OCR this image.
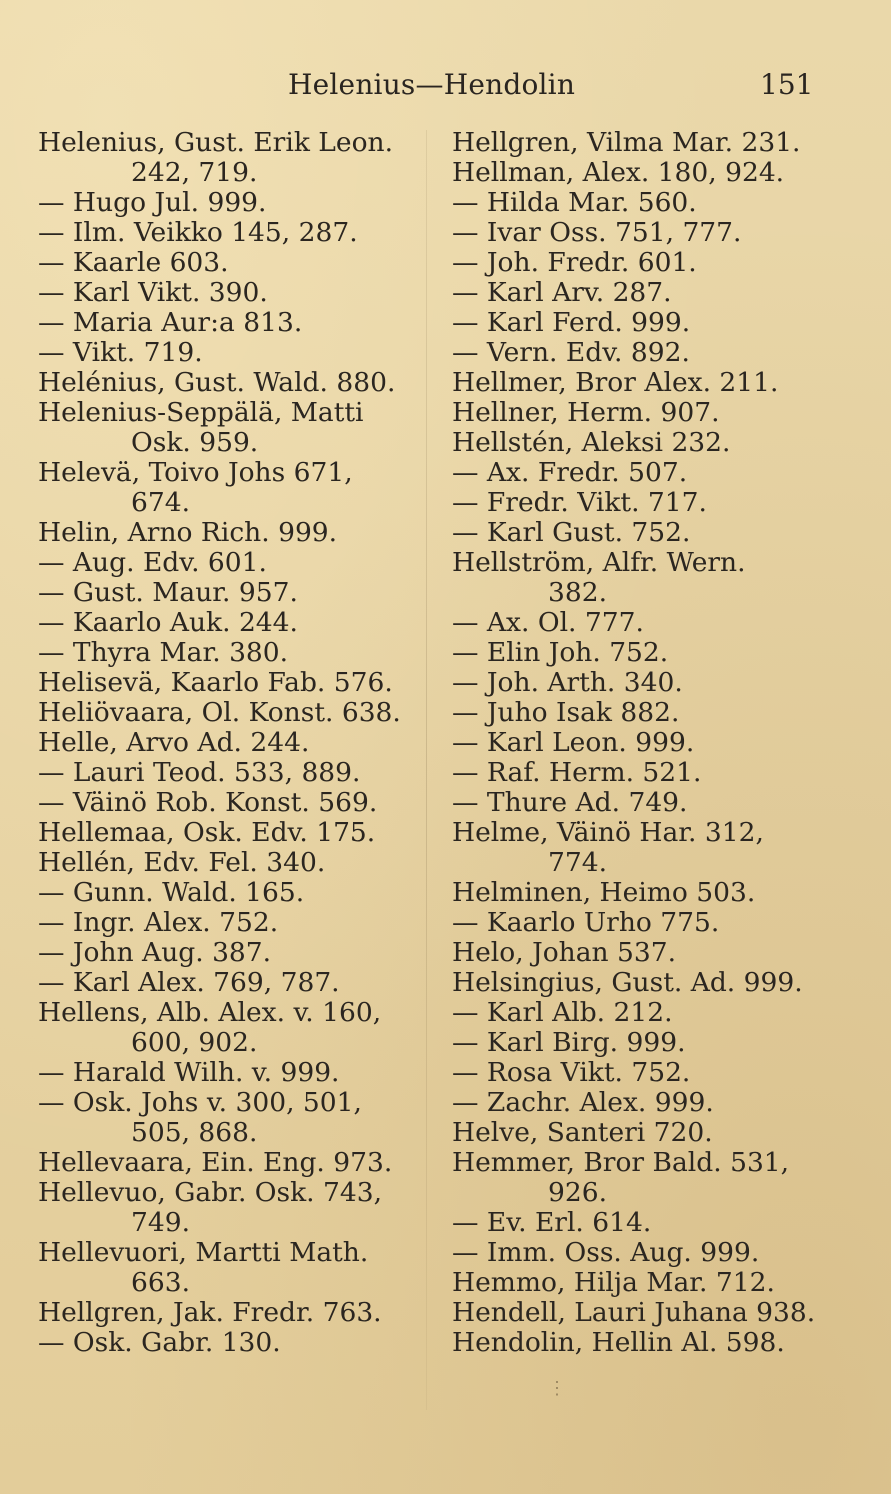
Helenius—Hendolin	151
Helenius, Gust. Erik Leon.
242, 719.
— Hugo Jul. 999.
— Ilm. Veikko 145, 287.
— Kaarle 603.
— Karl Vikt. 390.
— Maria Aur:a 813.
— Vikt. 719.
Helénius, Gust. Wald. 880.
Helenius-Seppälä, Matti
Osk. 959.
Helevä, Toivo Johs 671,
674.
Helin, Arno Rich. 999.
— Aug. Edv. 601.
— Gust. Maur. 957.
— Kaarlo Auk. 244.
— Thyra Mar. 380.
Helisevä, Kaarlo Fab. 576.
Heliövaara, Ol. Konst. 638.
Helle, Arvo Ad. 244.
— Lauri Teod. 533, 889.
— Väinö Rob. Konst. 569.
Hellemaa, Osk. Edv. 175.
Hellén, Edv. Fel. 340.
— Gunn. Wald. 165.
— Ingr. Alex. 752.
— John Aug. 387.
— Karl Alex. 769, 787.
Hellens, Alb. Alex. v. 160,
600, 902.
— Harald Wilh. v. 999.
— Osk. Johs v. 300, 501,
505, 868.
Hellevaara, Ein. Eng. 973.
Hellevuo, Gabr. Osk. 743,
749.
Hellevuori, Martti Math.
663.
Hellgren, Jak. Fredr. 763.
— Osk. Gabr. 130.
Hellgren, Vilma Mar. 231.
Hellman, Alex. 180, 924.
— Hilda Mar. 560.
— Ivar Oss. 751, 777.
— Joh. Fredr. 601.
— Karl Arv. 287.
— Karl Ferd. 999.
— Vern. Edv. 892.
Hellmer, Bror Alex. 211.
Hellner, Herm. 907.
Hellstén, Aleksi 232.
— Ax. Fredr. 507.
— Fredr. Vikt. 717.
— Karl Gust. 752.
Hellström, Alfr. Wern.
382.
— Ax. Ol. 777.
— Elin Joh. 752.
— Joh. Arth. 340.
— Juho Isak 882.
— Karl Leon. 999.
— Raf. Herm. 521.
— Thure Ad. 749.
Helme, Väinö Har. 312,
774.
Helminen, Heimo 503.
— Kaarlo Urho 775.
Helo, Johan 537.
Helsingius, Gust. Ad. 999.
— Karl Alb. 212.
— Karl Birg. 999.
— Rosa Vikt. 752.
— Zachr. Alex. 999.
Helve, Santeri 720.
Hemmer, Bror Bald. 531,
926.
— Ev. Erl. 614.
— Imm. Oss. Aug. 999.
Hemmo, Hilja Mar. 712.
Hendell, Lauri Juhana 938.
Hendolin, Hellin Al. 598.
⋮
